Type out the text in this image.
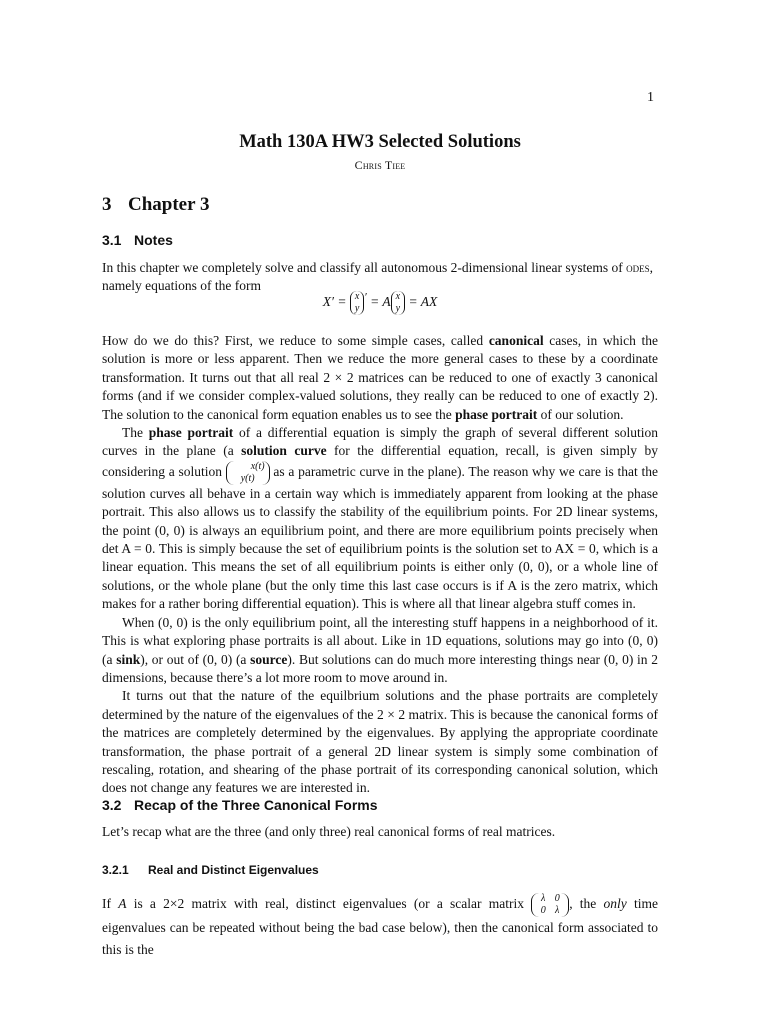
1
Math 130A HW3 Selected Solutions
Chris Tiee
3 Chapter 3
3.1 Notes

In this chapter we completely solve and classify all autonomous 2-dimensional linear systems of odes,

namely equations of the form

X′ = x
y′ = A x
y = AX

How do we do this? First, we reduce to some simple cases, called canonical cases, in which the solution is more or less apparent. Then we reduce the more general cases to these by a coordinate transformation. It turns out that all real 2 × 2 matrices can be reduced to one of exactly 3 canonical forms (and if we consider complex-valued solutions, they really can be reduced to one of exactly 2). The solution to the canonical form equation enables us to see the phase portrait of our solution.

The phase portrait of a differential equation is simply the graph of several different solution curves in the plane (a solution curve for the differential equation, recall, is given simply by considering a solution	x(t)
y(t) as a parametric curve in the plane). The reason why we care is that the solution curves all behave in a certain way which is immediately apparent from looking at the phase portrait. This also allows us to classify the stability of the equilibrium points. For 2D linear systems, the point (0, 0) is always an equilibrium point, and there are more equilibrium points precisely when det A = 0. This is simply because the set of equilibrium points is the solution set to AX = 0, which is a linear equation. This means the set of all equilibrium points is either only (0, 0), or a whole line of solutions, or the whole plane (but the only time this last case occurs is if A is the zero matrix, which makes for a rather boring differential equation). This is where all that linear algebra stuff comes in.

When (0, 0) is the only equilibrium point, all the interesting stuff happens in a neighborhood of it. This is what exploring phase portraits is all about. Like in 1D equations, solutions may go into (0, 0) (a sink), or out of (0, 0) (a source). But solutions can do much more interesting things near (0, 0) in 2 dimensions, because there’s a lot more room to move around in.

It turns out that the nature of the equilbrium solutions and the phase portraits are completely determined by the nature of the eigenvalues of the 2 × 2 matrix. This is because the canonical forms of the matrices are completely determined by the eigenvalues. By applying the appropriate coordinate transformation, the phase portrait of a general 2D linear system is simply some combination of rescaling, rotation, and shearing of the phase portrait of its corresponding canonical solution, which does not change any features we are interested in.

3.2 Recap of the Three Canonical Forms

Let’s recap what are the three (and only three) real canonical forms of real matrices.

3.2.1 Real and Distinct Eigenvalues

If A is a 2×2 matrix with real, distinct eigenvalues (or a scalar matrix λ 0
0 λ , the only time eigenvalues can be repeated without being the bad case below), then the canonical form associated to this is the
